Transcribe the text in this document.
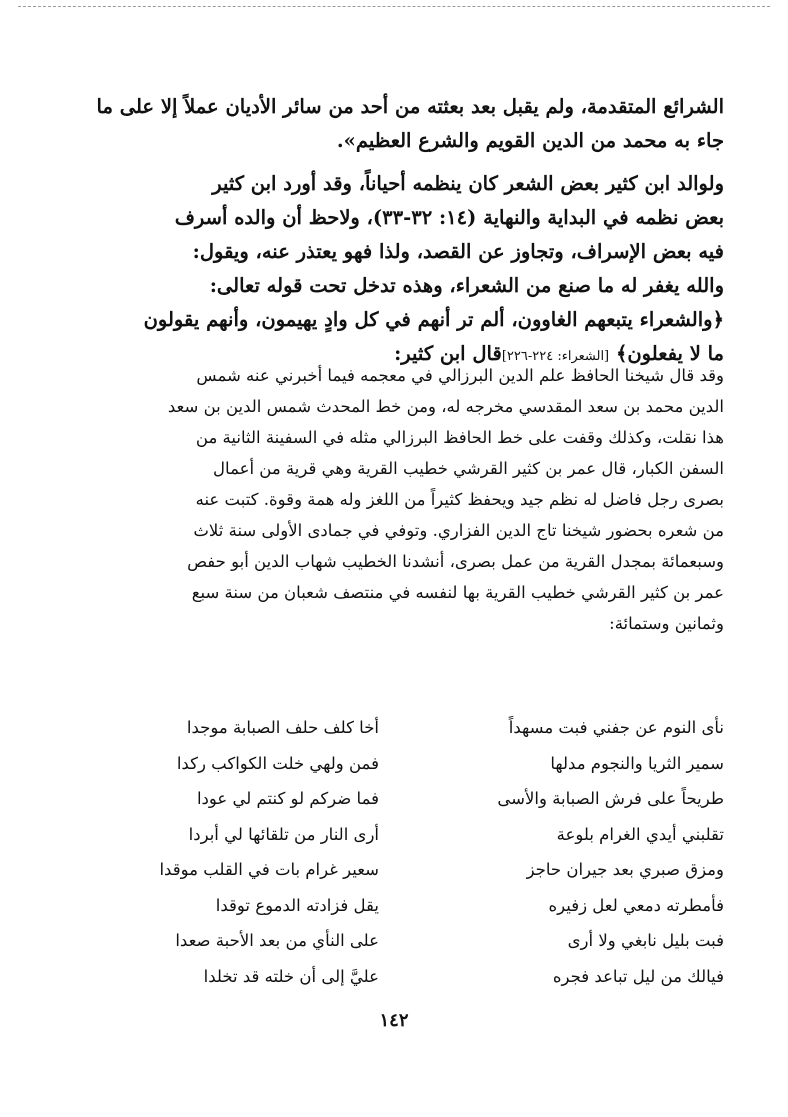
الشرائع المتقدمة، ولم يقبل بعد بعثته من أحد من سائر الأديان عملاً إلا على ما
جاء به محمد من الدين القويم والشرع العظيم».
ولوالد ابن كثير بعض الشعر كان ينظمه أحياناً، وقد أورد ابن كثير
بعض نظمه في البداية والنهاية (١٤: ٣٢-٣٣)، ولاحظ أن والده أسرف
فيه بعض الإسراف، وتجاوز عن القصد، ولذا فهو يعتذر عنه، ويقول:
والله يغفر له ما صنع من الشعراء، وهذه تدخل تحت قوله تعالى:
﴿والشعراء يتبعهم الغاوون، ألم تر أنهم في كل وادٍ يهيمون، وأنهم يقولون
ما لا يفعلون﴾ [الشعراء: ٢٢٤-٢٢٦]قال ابن كثير:
وقد قال شيخنا الحافظ علم الدين البرزالي في معجمه فيما أخبرني عنه شمس
الدين محمد بن سعد المقدسي مخرجه له، ومن خط المحدث شمس الدين بن سعد
هذا نقلت، وكذلك وقفت على خط الحافظ البرزالي مثله في السفينة الثانية من
السفن الكبار، قال عمر بن كثير القرشي خطيب القرية وهي قرية من أعمال
بصرى رجل فاضل له نظم جيد ويحفظ كثيراً من اللغز وله همة وقوة. كتبت عنه
من شعره بحضور شيخنا تاج الدين الفزاري. وتوفي في جمادى الأولى سنة ثلاث
وسبعمائة بمجدل القرية من عمل بصرى، أنشدنا الخطيب شهاب الدين أبو حفص
عمر بن كثير القرشي خطيب القرية بها لنفسه في منتصف شعبان من سنة سبع
وثمانين وستمائة:
نأى النوم عن جفني فبت مسهداً
أخا كلف حلف الصبابة موجدا
سمير الثريا والنجوم مدلها
فمن ولهي خلت الكواكب ركدا
طريحاً على فرش الصبابة والأسى
فما ضركم لو كنتم لي عودا
تقلبني أيدي الغرام بلوعة
أرى النار من تلقائها لي أبردا
ومزق صبري بعد جيران حاجز
سعير غرام بات في القلب موقدا
فأمطرته دمعي لعل زفيره
يقل فزادته الدموع توقدا
فبت بليل نابغي ولا أرى
على النأي من بعد الأحبة صعدا
فيالك من ليل تباعد فجره
عليَّ إلى أن خلته قد تخلدا
١٤٢
